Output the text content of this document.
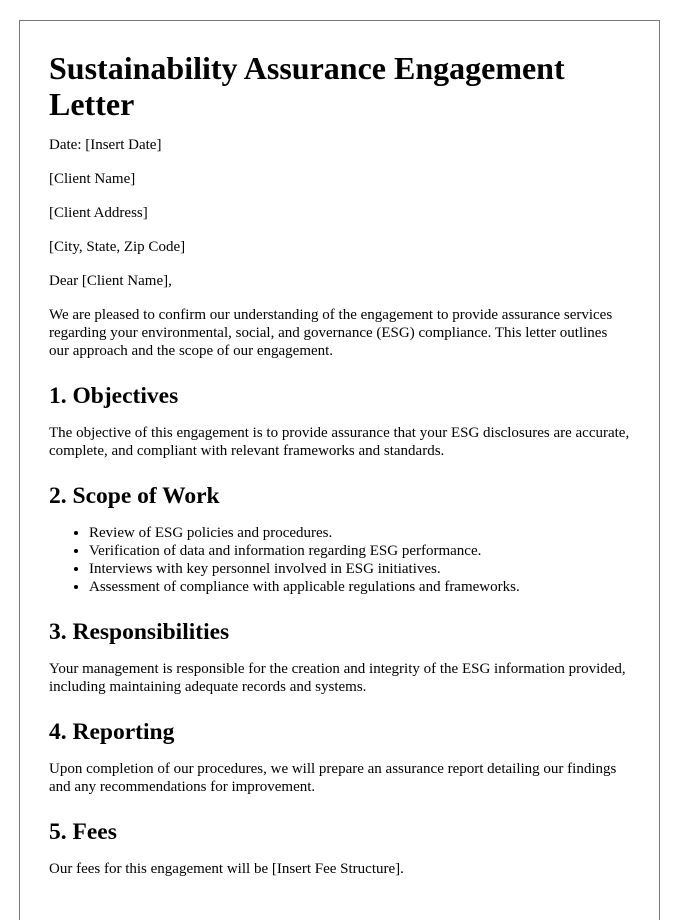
Sustainability Assurance Engagement Letter

Date: [Insert Date]

[Client Name]

[Client Address]

[City, State, Zip Code]

Dear [Client Name],

We are pleased to confirm our understanding of the engagement to provide assurance services regarding your environmental, social, and governance (ESG) compliance. This letter outlines our approach and the scope of our engagement.

1. Objectives

The objective of this engagement is to provide assurance that your ESG disclosures are accurate, complete, and compliant with relevant frameworks and standards.

2. Scope of Work
• Review of ESG policies and procedures.
• Verification of data and information regarding ESG performance.
• Interviews with key personnel involved in ESG initiatives.
• Assessment of compliance with applicable regulations and frameworks.
3. Responsibilities

Your management is responsible for the creation and integrity of the ESG information provided, including maintaining adequate records and systems.

4. Reporting

Upon completion of our procedures, we will prepare an assurance report detailing our findings and any recommendations for improvement.

5. Fees

Our fees for this engagement will be [Insert Fee Structure].
